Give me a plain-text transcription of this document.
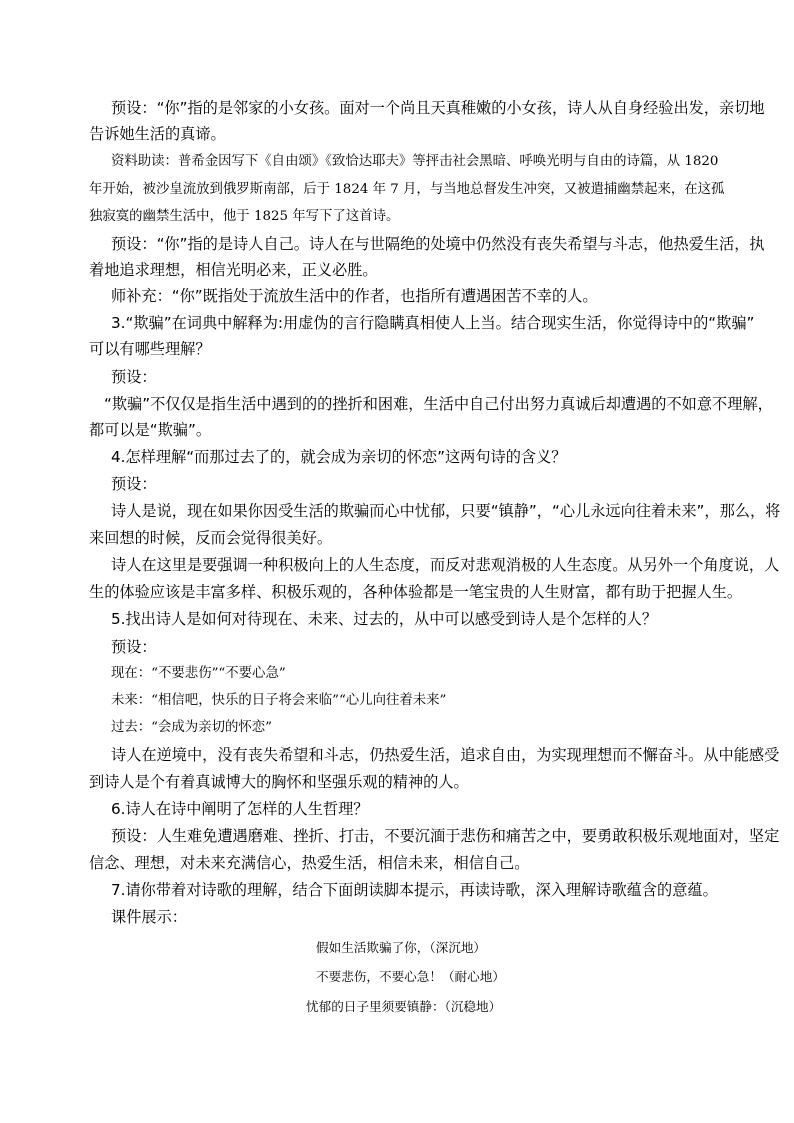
预设：“你”指的是邻家的小女孩。面对一个尚且天真稚嫩的小女孩，诗人从自身经验出发，亲切地
告诉她生活的真谛。
资料助读：普希金因写下《自由颂》《致恰达耶夫》等抨击社会黑暗、呼唤光明与自由的诗篇，从 1820
年开始，被沙皇流放到俄罗斯南部，后于 1824 年 7 月，与当地总督发生冲突，又被遣捕幽禁起来，在这孤
独寂寞的幽禁生活中，他于 1825 年写下了这首诗。
预设：“你”指的是诗人自己。诗人在与世隔绝的处境中仍然没有丧失希望与斗志，他热爱生活，执
着地追求理想，相信光明必来，正义必胜。
师补充：“你”既指处于流放生活中的作者，也指所有遭遇困苦不幸的人。
3.“欺骗”在词典中解释为:用虚伪的言行隐瞒真相使人上当。结合现实生活，你觉得诗中的“欺骗”
可以有哪些理解？
预设：
“欺骗”不仅仅是指生活中遇到的的挫折和困难，生活中自己付出努力真诚后却遭遇的不如意不理解，
都可以是“欺骗”。
4.怎样理解“而那过去了的，就会成为亲切的怀恋”这两句诗的含义？
预设：
诗人是说，现在如果你因受生活的欺骗而心中忧郁，只要“镇静”，“心儿永远向往着未来”，那么，将
来回想的时候，反而会觉得很美好。
诗人在这里是要强调一种积极向上的人生态度，而反对悲观消极的人生态度。从另外一个角度说，人
生的体验应该是丰富多样、积极乐观的，各种体验都是一笔宝贵的人生财富，都有助于把握人生。
5.找出诗人是如何对待现在、未来、过去的，从中可以感受到诗人是个怎样的人？
预设：
现在：“不要悲伤”“不要心急”
未来：“相信吧，快乐的日子将会来临”“心儿向往着未来”
过去：“会成为亲切的怀恋”
诗人在逆境中，没有丧失希望和斗志，仍热爱生活，追求自由，为实现理想而不懈奋斗。从中能感受
到诗人是个有着真诚博大的胸怀和坚强乐观的精神的人。
6.诗人在诗中阐明了怎样的人生哲理？
预设：人生难免遭遇磨难、挫折、打击，不要沉湎于悲伤和痛苦之中，要勇敢积极乐观地面对，坚定
信念、理想，对未来充满信心，热爱生活，相信未来，相信自己。
7.请你带着对诗歌的理解，结合下面朗读脚本提示，再读诗歌，深入理解诗歌蕴含的意蕴。
课件展示：
假如生活欺骗了你，（深沉地）
不要悲伤，不要心急！（耐心地）
忧郁的日子里须要镇静：（沉稳地）
